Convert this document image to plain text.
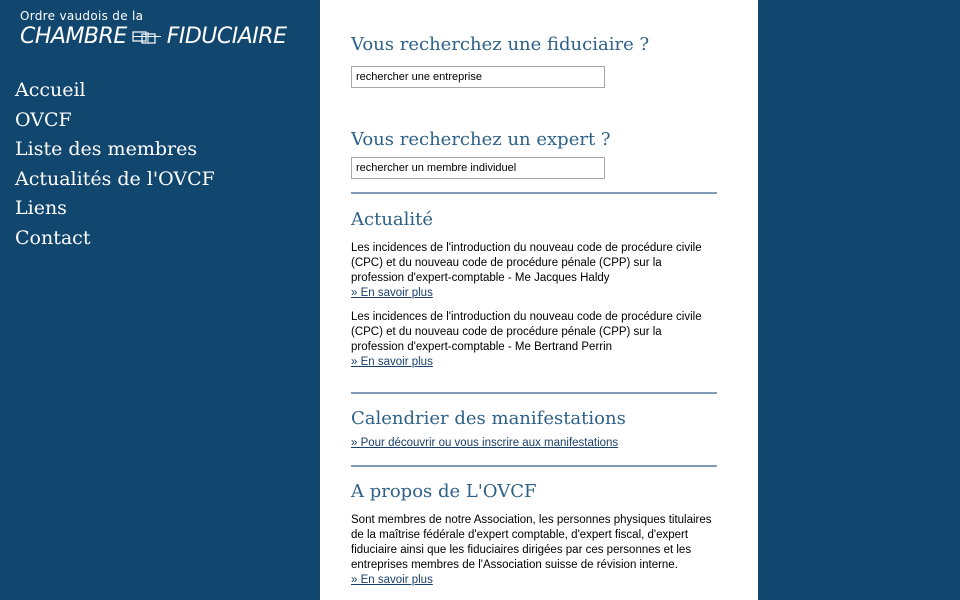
Ordre vaudois de la
CHAMBRE FIDUCIAIRE
Accueil
OVCF
Liste des membres
Actualités de l'OVCF
Liens
Contact
Vous recherchez une fiduciaire ?
rechercher une entreprise
Vous recherchez un expert ?
rechercher un membre individuel
Actualité

Les incidences de l'introduction du nouveau code de procédure civile (CPC) et du nouveau code de procédure pénale (CPP) sur la profession d'expert-comptable - Me Jacques Haldy

» En savoir plus

Les incidences de l'introduction du nouveau code de procédure civile (CPC) et du nouveau code de procédure pénale (CPP) sur la profession d'expert-comptable - Me Bertrand Perrin

» En savoir plus
Calendrier des manifestations
» Pour découvrir ou vous inscrire aux manifestations
A propos de L'OVCF

Sont membres de notre Association, les personnes physiques titulaires de la maîtrise fédérale d'expert comptable, d'expert fiscal, d'expert fiduciaire ainsi que les fiduciaires dirigées par ces personnes et les entreprises membres de l'Association suisse de révision interne.

» En savoir plus
